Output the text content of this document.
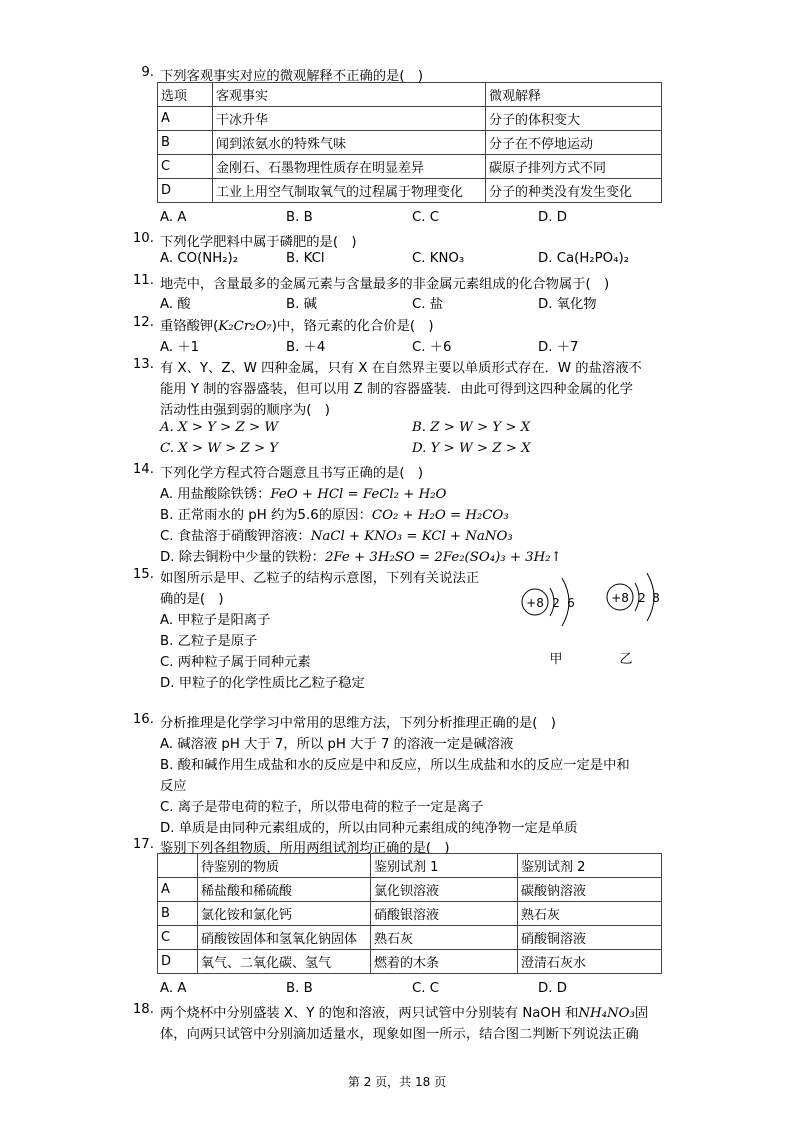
9. 下列客观事实对应的微观解释不正确的是(　)
选项	客观事实	微观解释
A	干冰升华	分子的体积变大
B	闻到浓氨水的特殊气味	分子在不停地运动
C	金刚石、石墨物理性质存在明显差异	碳原子排列方式不同
D	工业上用空气制取氧气的过程属于物理变化	分子的种类没有发生变化
A. A	B. B	C. C	D. D
10. 下列化学肥料中属于磷肥的是(　)
A. CO(NH₂)₂	B. KCl	C. KNO₃	D. Ca(H₂PO₄)₂
11. 地壳中，含量最多的金属元素与含量最多的非金属元素组成的化合物属于(　)
A. 酸	B. 碱	C. 盐	D. 氧化物
12. 重铬酸钾(K₂Cr₂O₇)中，铬元素的化合价是(　)
A. ＋1	B. ＋4	C. ＋6	D. ＋7
13. 有 X、Y、Z、W 四种金属，只有 X 在自然界主要以单质形式存在．W 的盐溶液不
能用 Y 制的容器盛装，但可以用 Z 制的容器盛装．由此可得到这四种金属的化学
活动性由强到弱的顺序为(　)
A. X > Y > Z > W	B. Z > W > Y > X
C. X > W > Z > Y	D. Y > W > Z > X
14. 下列化学方程式符合题意且书写正确的是(　)
A. 用盐酸除铁锈：FeO + HCl = FeCl₂ + H₂O
B. 正常雨水的 pH 约为5.6的原因：CO₂ + H₂O = H₂CO₃
C. 食盐溶于硝酸钾溶液：NaCl + KNO₃ = KCl + NaNO₃
D. 除去铜粉中少量的铁粉：2Fe + 3H₂SO = 2Fe₂(SO₄)₃ + 3H₂↑
15. 如图所示是甲、乙粒子的结构示意图，下列有关说法正
确的是(　)
A. 甲粒子是阳离子
B. 乙粒子是原子
C. 两种粒子属于同种元素
D. 甲粒子的化学性质比乙粒子稳定
+8 2 6
甲
+8 2 8
乙
16. 分析推理是化学学习中常用的思维方法，下列分析推理正确的是(　)
A. 碱溶液 pH 大于 7，所以 pH 大于 7 的溶液一定是碱溶液
B. 酸和碱作用生成盐和水的反应是中和反应，所以生成盐和水的反应一定是中和
反应
C. 离子是带电荷的粒子，所以带电荷的粒子一定是离子
D. 单质是由同种元素组成的，所以由同种元素组成的纯净物一定是单质
17. 鉴别下列各组物质，所用两组试剂均正确的是(　)
	待鉴别的物质	鉴别试剂 1	鉴别试剂 2
A	稀盐酸和稀硫酸	氯化钡溶液	碳酸钠溶液
B	氯化铵和氯化钙	硝酸银溶液	熟石灰
C	硝酸铵固体和氢氧化钠固体	熟石灰	硝酸铜溶液
D	氧气、二氧化碳、氢气	燃着的木条	澄清石灰水
A. A	B. B	C. C	D. D
18. 两个烧杯中分别盛装 X、Y 的饱和溶液，两只试管中分别装有 NaOH 和NH₄NO₃固
体，向两只试管中分别滴加适量水，现象如图一所示，结合图二判断下列说法正确
第 2 页，共 18 页
